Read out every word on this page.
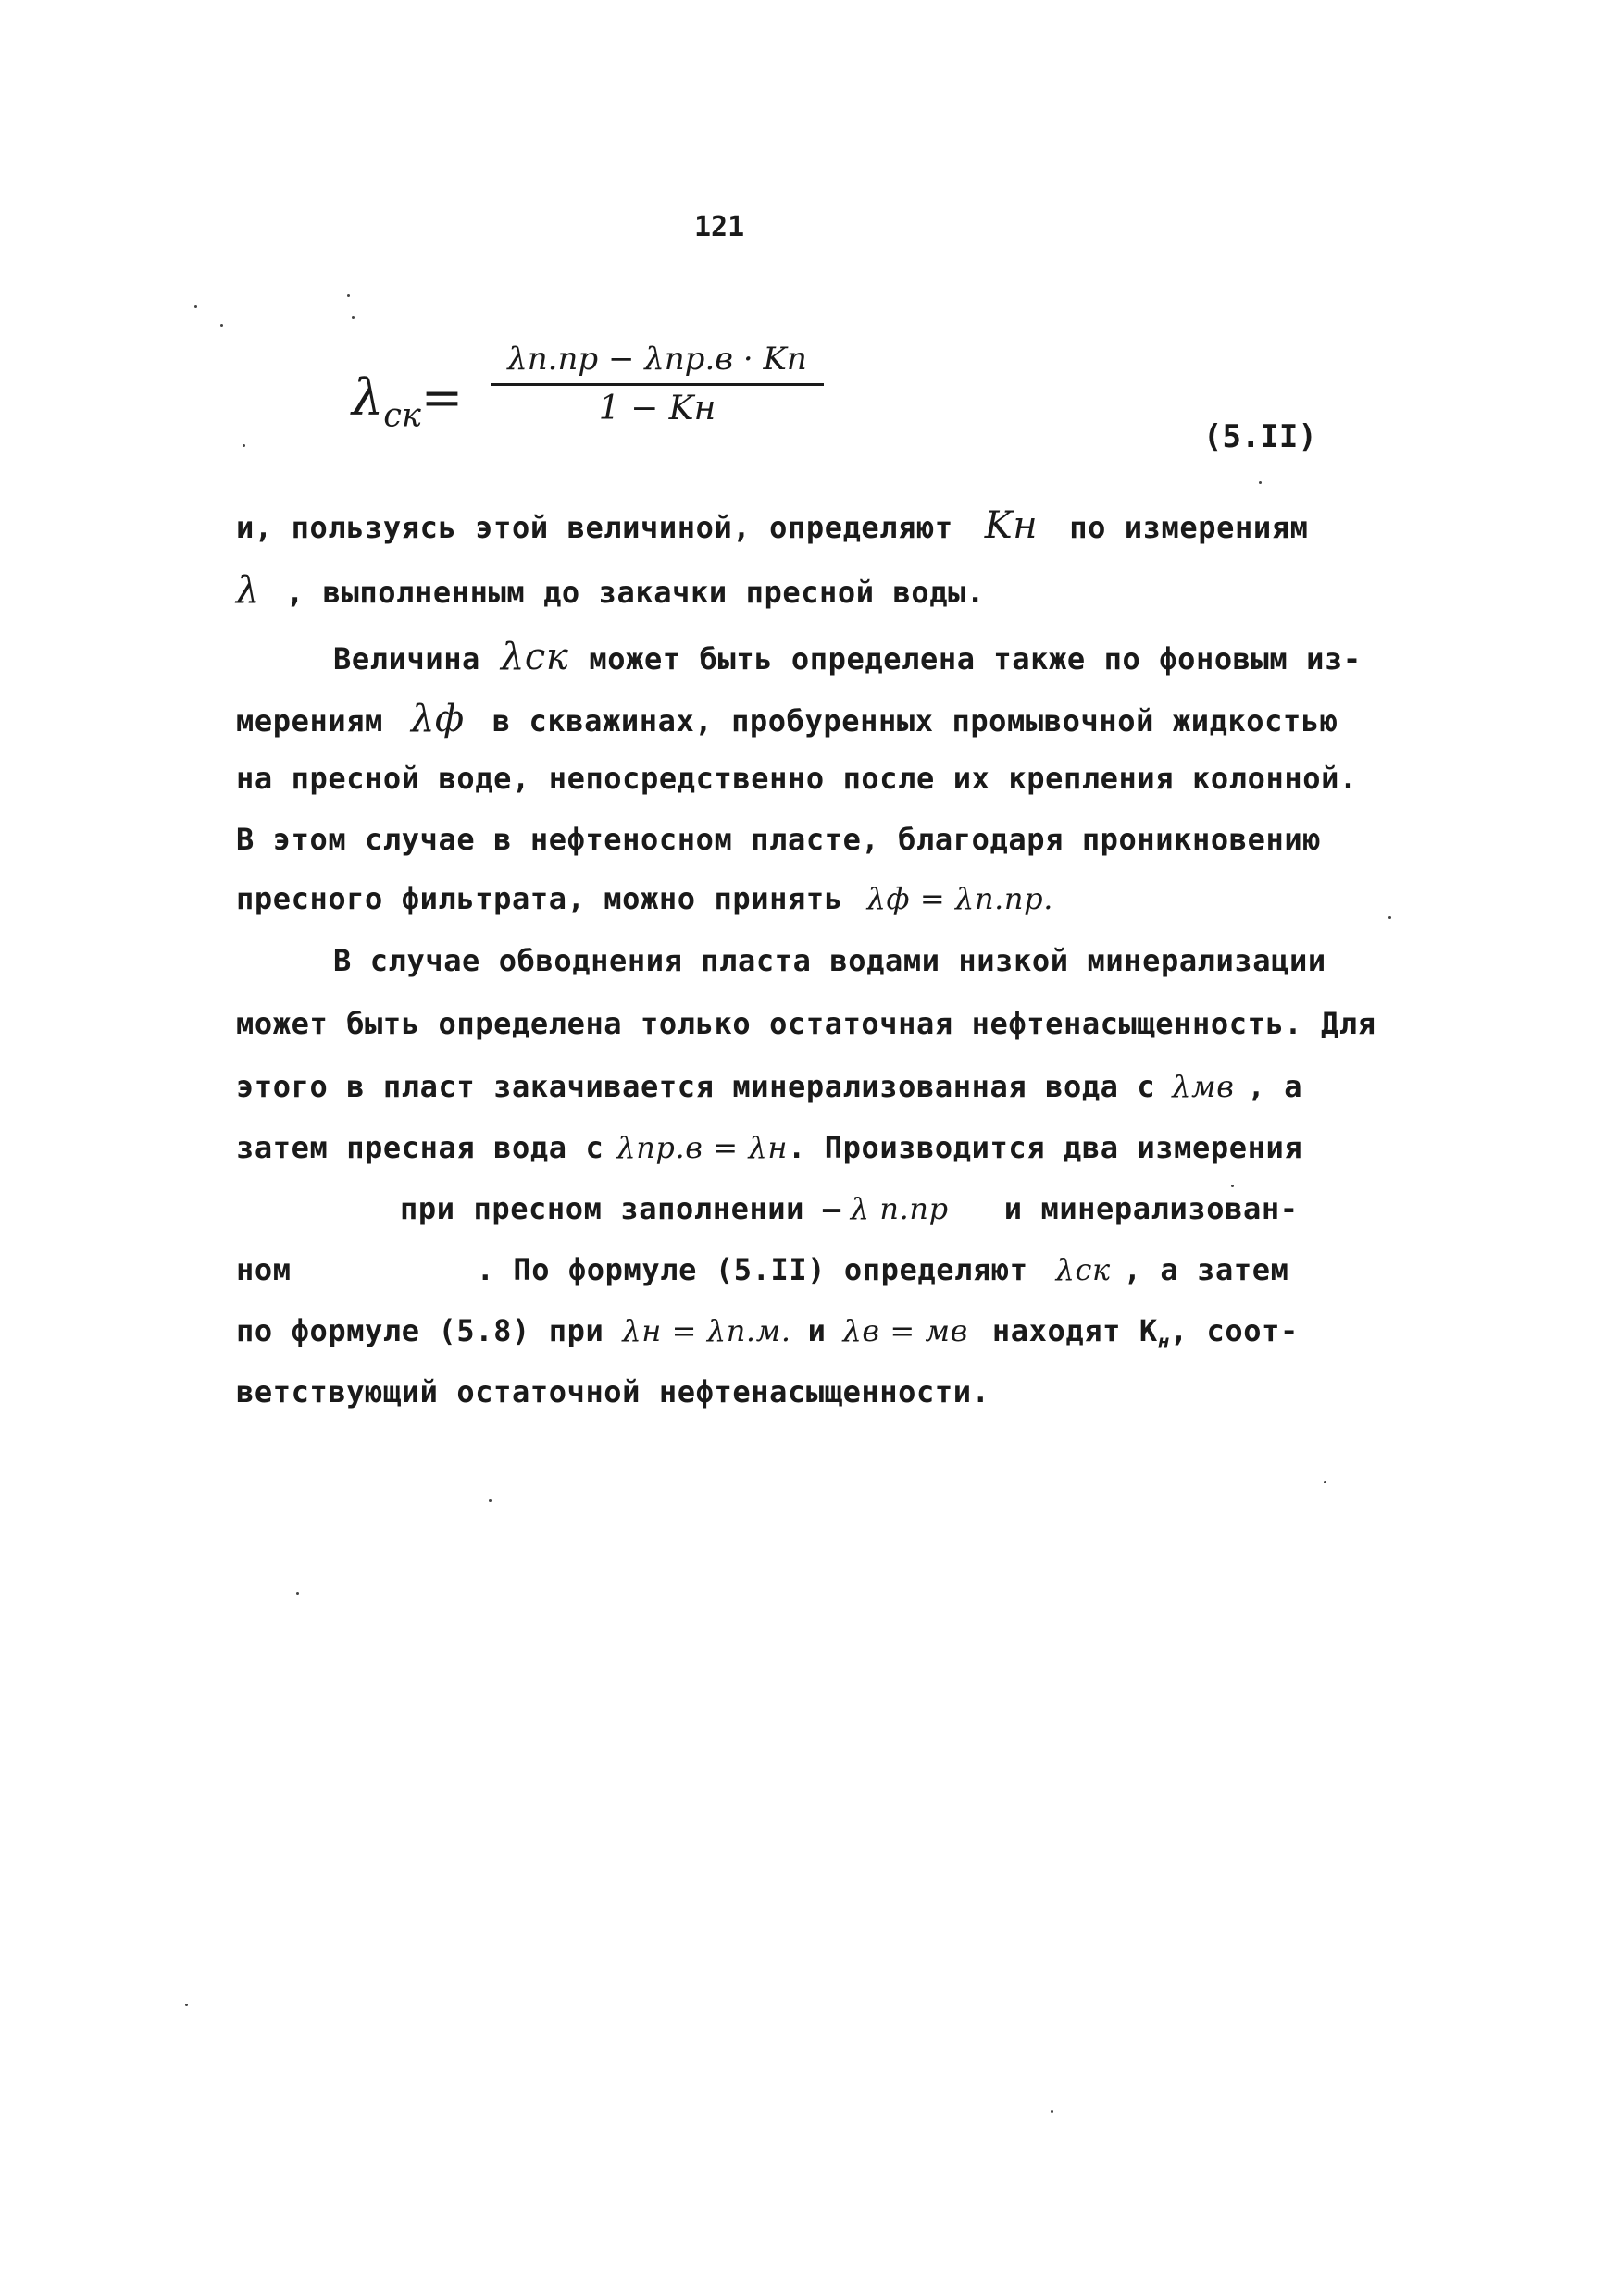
121
$\lambda_{ск}=$
λп.пр − λпр.в · Kп
1 − Kн
(5.II)
и, пользуясь этой величиной, определяют Kн по измерениям
λ , выполненным до закачки пресной воды.
Величина λск может быть определена также по фоновым из-
мерениям λф в скважинах, пробуренных промывочной жидкостью
на пресной воде, непосредственно после их крепления колонной.
В этом случае в нефтеносном пласте, благодаря проникновению
пресного фильтрата, можно принять λф = λп.пр.
В случае обводнения пласта водами низкой минерализации
может быть определена только остаточная нефтенасыщенность. Для
этого в пласт закачивается минерализованная вода с λмв , а
затем пресная вода с λпр.в = λн. Производится два измерения
при пресном заполнении – λ п.пр и минерализован-
ном	. По формуле (5.II) определяют λск , а затем
по формуле (5.8) при λн = λп.м. и λв = мв находят $K_н$, соот-
ветствующий остаточной нефтенасыщенности.
